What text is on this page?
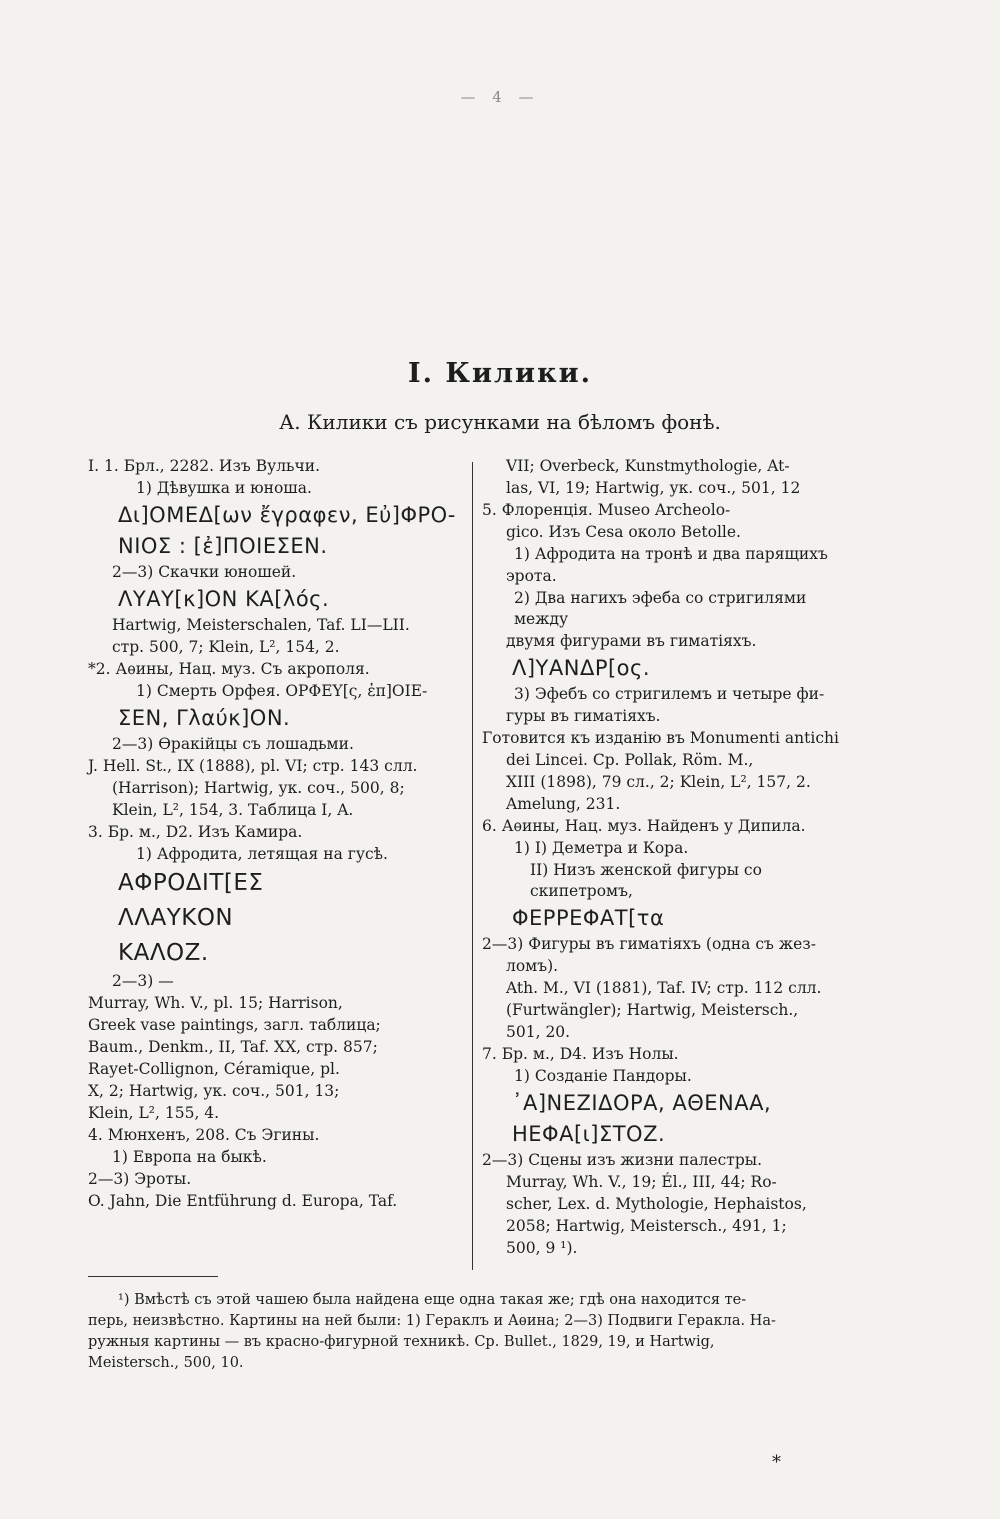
— 4 —
I. Килики.
А. Килики съ рисунками на бѣломъ фонѣ.

I. 1. Брл., 2282. Изъ Вульчи.

1) Дѣвушка и юноша.

Δι]ΟΜΕΔ[ων ἔγραφεν, Εὐ]ΦΡΟ-

ΝΙΟΣ : [ἐ]ΠΟΙΕΣΕΝ.

2—3) Скачки юношей.

ΛΥΑΥ[κ]ΟΝ ΚΑ[λός.

Hartwig, Meisterschalen, Taf. LI—LII.

стр. 500, 7; Klein, L², 154, 2.

*2. Аѳины, Нац. муз. Съ акрополя.

1) Смерть Орфея. ΟΡΦΕΥ[ς, ἐπ]ΟΙΕ-

ΣΕΝ, Γλαύκ]ΟΝ.

2—3) Ѳракійцы съ лошадьми.

J. Hell. St., IX (1888), pl. VI; стр. 143 слл.

(Harrison); Hartwig, ук. соч., 500, 8;

Klein, L², 154, 3. Таблица I, A.

3. Бр. м., D2. Изъ Камира.

1) Афродита, летящая на гусѣ.

ΑΦΡΟΔΙΤ[ΕΣ

ΛΛΑΥΚΟΝ

ΚΑΛΟΖ.

2—3) —

Murray, Wh. V., pl. 15; Harrison,

Greek vase paintings, загл. таблица;

Baum., Denkm., II, Taf. XX, стр. 857;

Rayet-Collignon, Céramique, pl.

X, 2; Hartwig, ук. соч., 501, 13;

Klein, L², 155, 4.

4. Мюнхенъ, 208. Съ Эгины.

1) Европа на быкѣ.

2—3) Эроты.

O. Jahn, Die Entführung d. Europa, Taf.

VII; Overbeck, Kunstmythologie, At-

las, VI, 19; Hartwig, ук. соч., 501, 12

5. Флоренція. Museo Archeolo-

gico. Изъ Cesa около Betolle.

1) Афродита на тронѣ и два парящихъ

эрота.

2) Два нагихъ эфеба со стригилями между

двумя фигурами въ гиматіяхъ.

Λ]ΥΑΝΔΡ[ος.

3) Эфебъ со стригилемъ и четыре фи-

гуры въ гиматіяхъ.

Готовится къ изданію въ Monumenti antichi

dei Lincei. Cp. Pollak, Röm. M.,

XIII (1898), 79 сл., 2; Klein, L², 157, 2.

Amelung, 231.

6. Аѳины, Нац. муз. Найденъ у Дипила.

1) I) Деметра и Кора.

II) Низъ женской фигуры со скипетромъ,

ΦΕΡΡΕΦΑΤ[τα

2—3) Фигуры въ гиматіяхъ (одна съ жез-

ломъ).

Ath. M., VI (1881), Taf. IV; стр. 112 слл.

(Furtwängler); Hartwig, Meistersch.,

501, 20.

7. Бр. м., D4. Изъ Нолы.

1) Созданіе Пандоры.

᾿Α]ΝΕΖΙΔΟΡΑ, ΑΘΕΝΑΑ,

ΗΕΦΑ[ι]ΣΤΟΖ.

2—3) Сцены изъ жизни палестры.

Murray, Wh. V., 19; Él., III, 44; Ro-

scher, Lex. d. Mythologie, Hephaistos,

2058; Hartwig, Meistersch., 491, 1;

500, 9 ¹).

¹) Вмѣстѣ съ этой чашею была найдена еще одна такая же; гдѣ она находится те-

перь, неизвѣстно. Картины на ней были: 1) Гераклъ и Аѳина; 2—3) Подвиги Геракла. На-

ружныя картины — въ красно-фигурной техникѣ. Ср. Bullet., 1829, 19, и Hartwig,

Meistersch., 500, 10.

*
